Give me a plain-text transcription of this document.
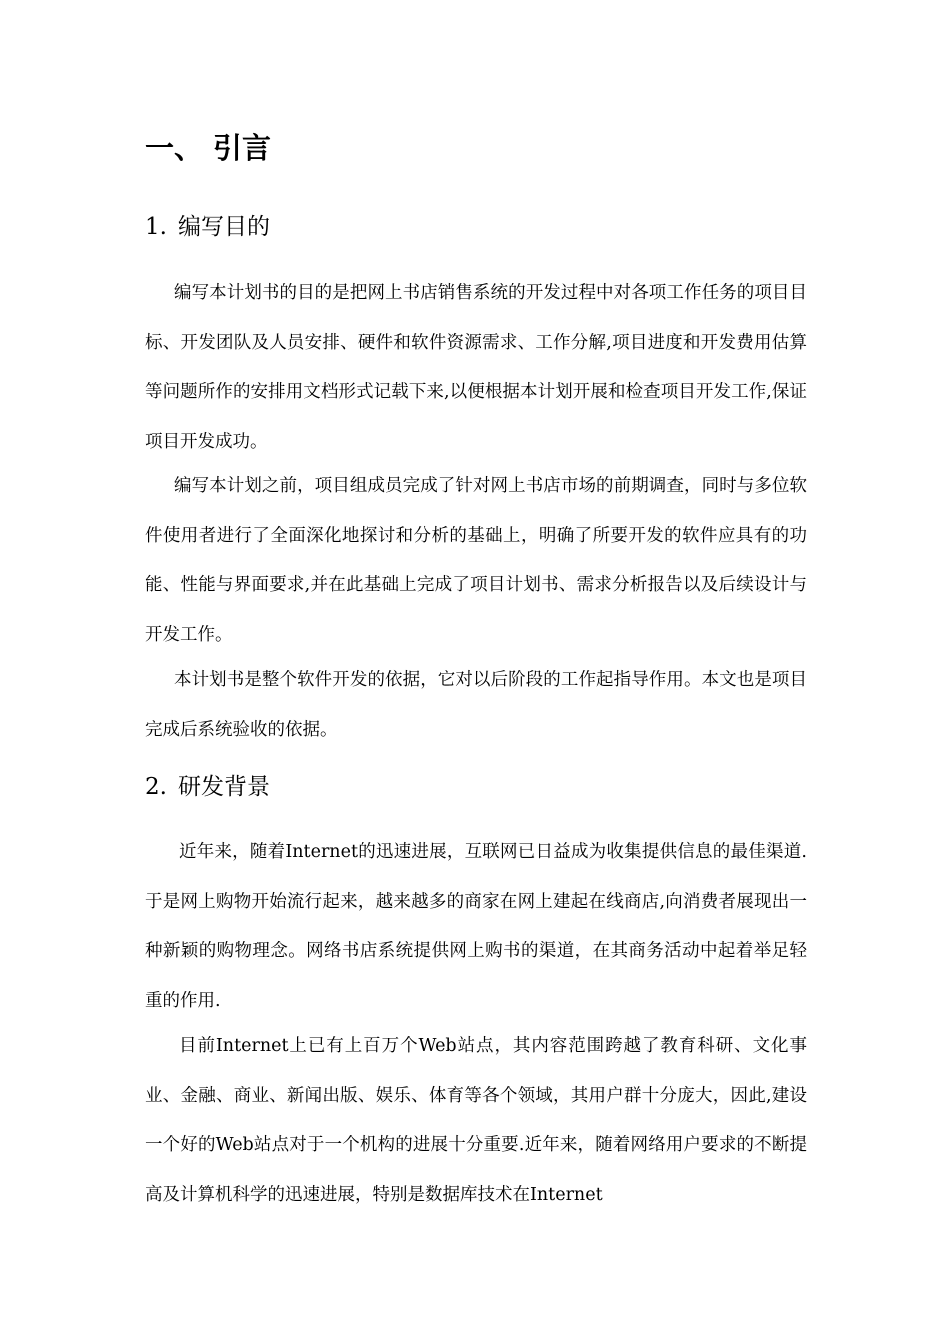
一、 引言
1. 编写目的

编写本计划书的目的是把网上书店销售系统的开发过程中对各项工作任务的项目目标、开发团队及人员安排、硬件和软件资源需求、工作分解,项目进度和开发费用估算等问题所作的安排用文档形式记载下来,以便根据本计划开展和检查项目开发工作,保证项目开发成功。

编写本计划之前，项目组成员完成了针对网上书店市场的前期调查，同时与多位软件使用者进行了全面深化地探讨和分析的基础上，明确了所要开发的软件应具有的功能、性能与界面要求,并在此基础上完成了项目计划书、需求分析报告以及后续设计与开发工作。

本计划书是整个软件开发的依据，它对以后阶段的工作起指导作用。本文也是项目完成后系统验收的依据。

2. 研发背景

近年来，随着Internet的迅速进展，互联网已日益成为收集提供信息的最佳渠道.于是网上购物开始流行起来，越来越多的商家在网上建起在线商店,向消费者展现出一种新颖的购物理念。网络书店系统提供网上购书的渠道，在其商务活动中起着举足轻重的作用.

目前Internet上已有上百万个Web站点，其内容范围跨越了教育科研、文化事业、金融、商业、新闻出版、娱乐、体育等各个领域，其用户群十分庞大，因此,建设一个好的Web站点对于一个机构的进展十分重要.近年来，随着网络用户要求的不断提高及计算机科学的迅速进展，特别是数据库技术在Internet
